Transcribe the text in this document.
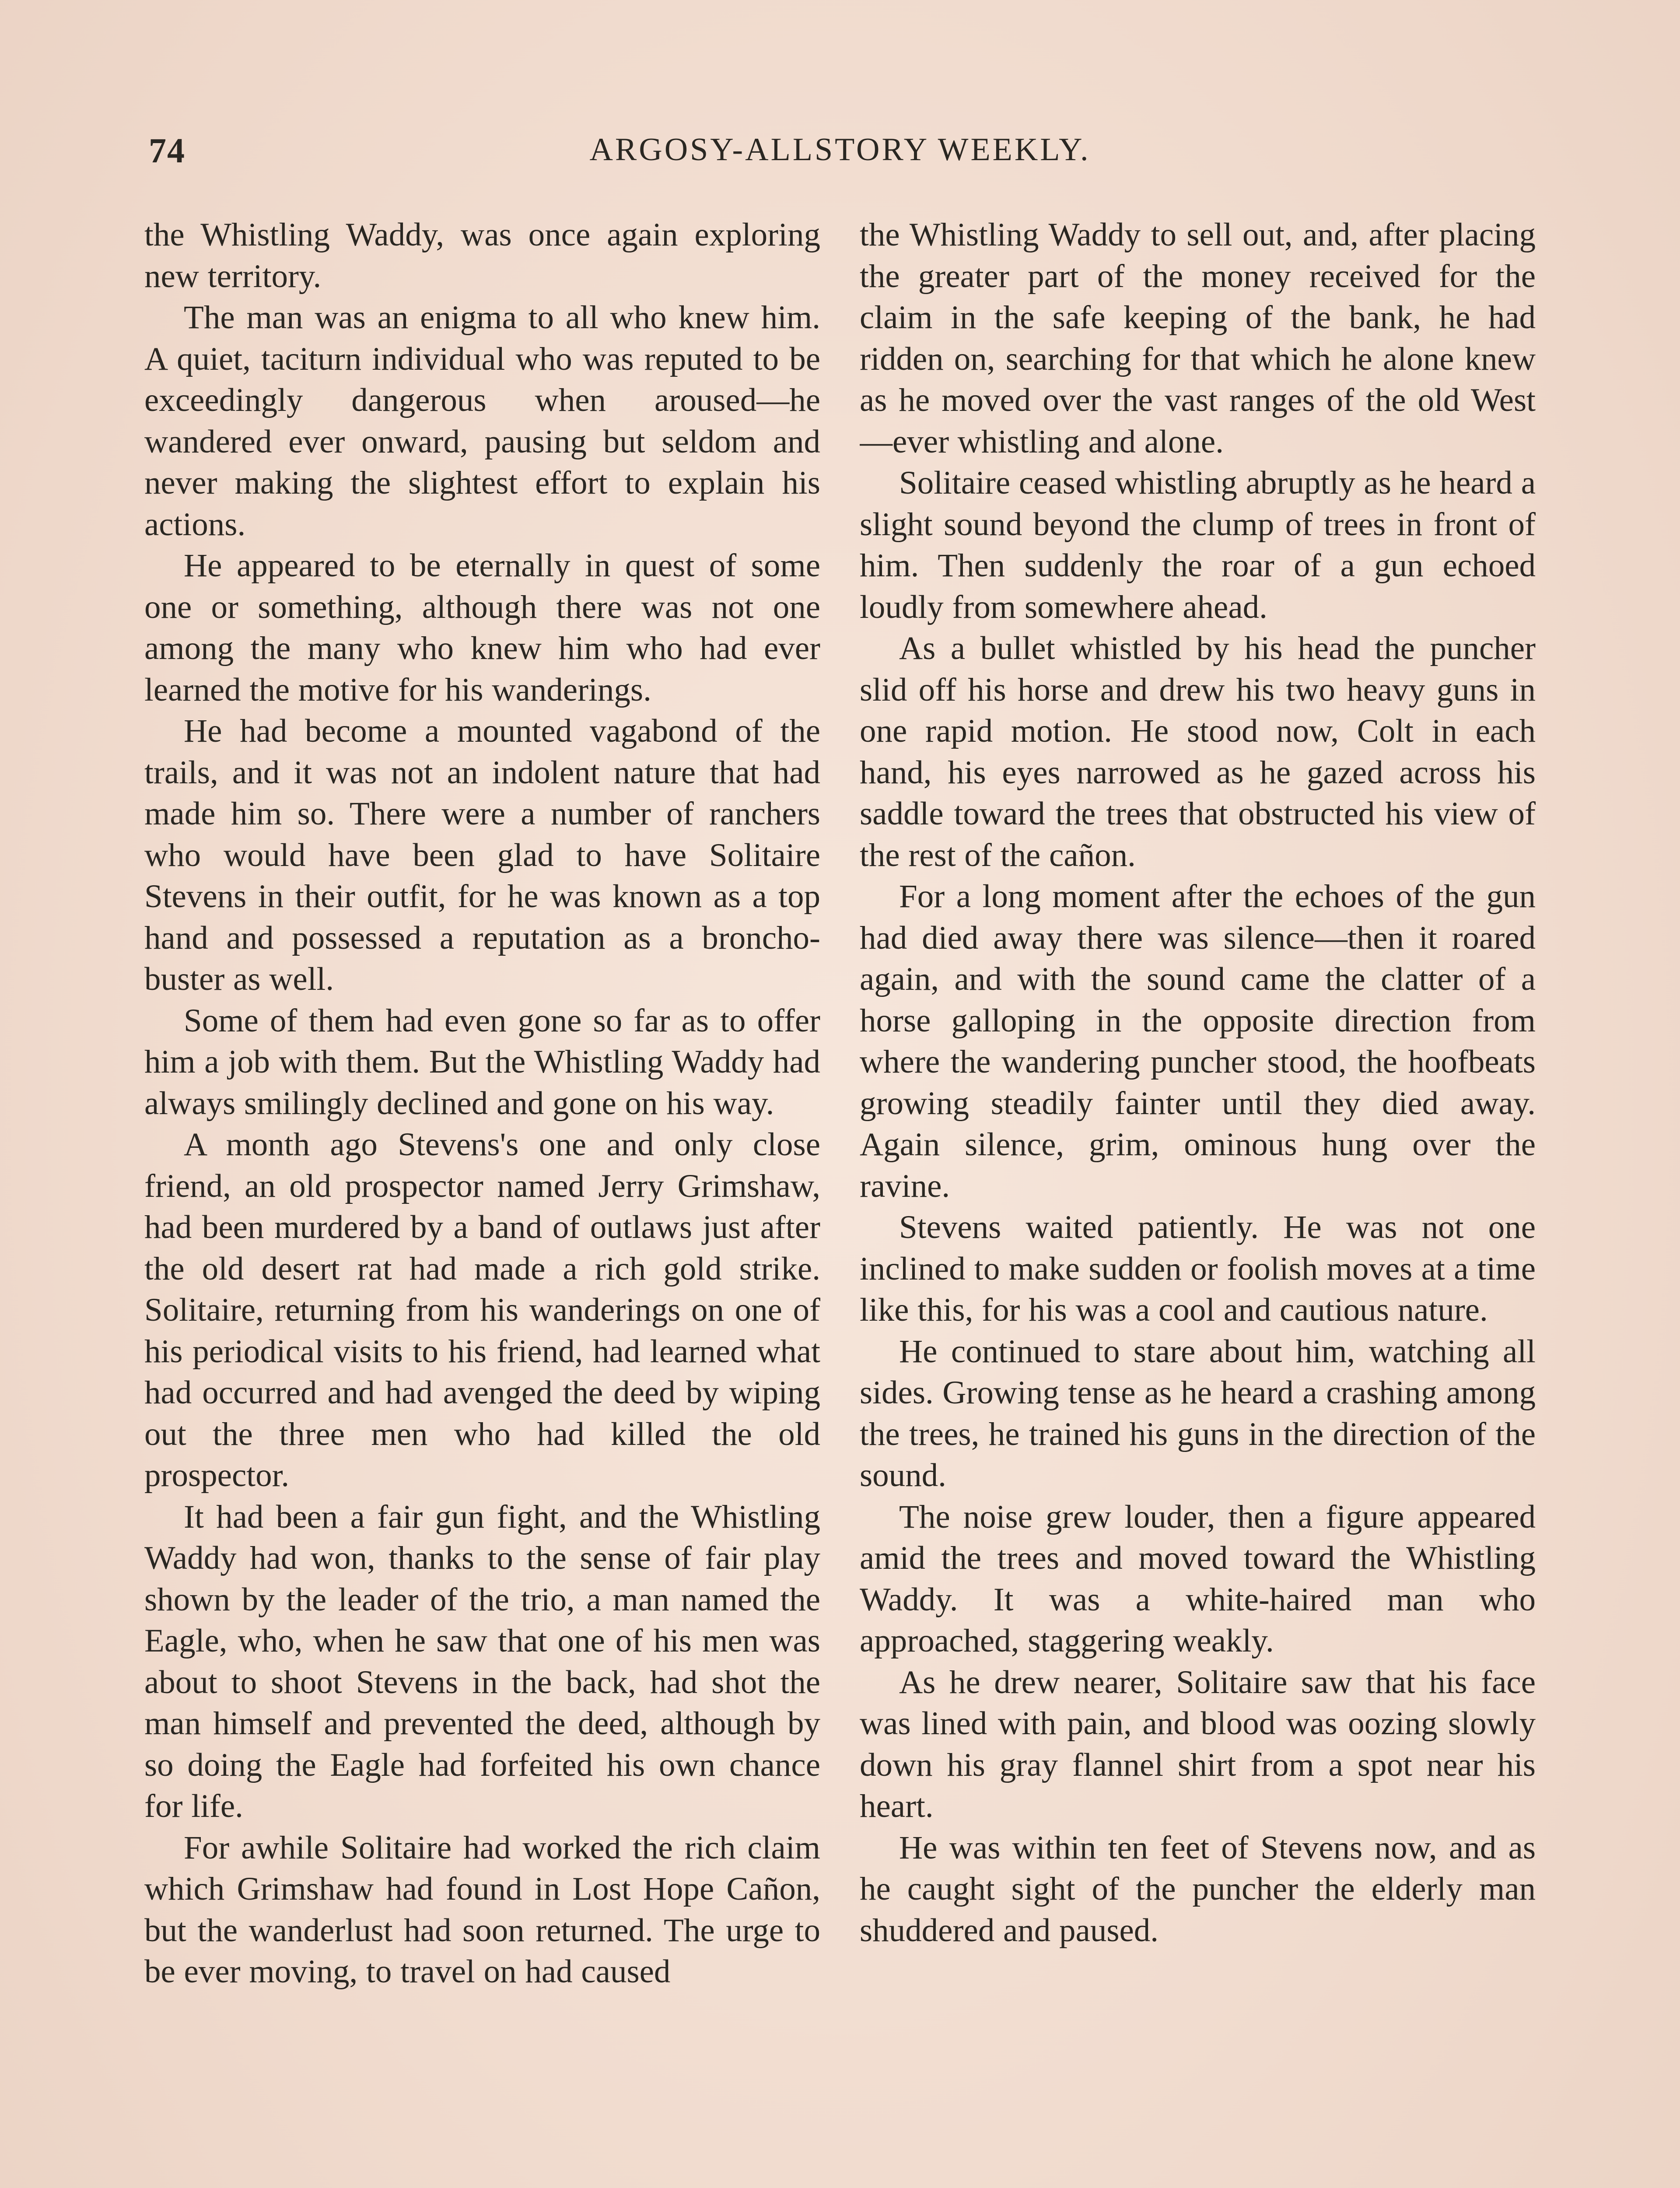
74	ARGOSY-ALLSTORY WEEKLY.

the Whistling Waddy, was once again exploring new territory.

The man was an enigma to all who knew him. A quiet, taciturn individual who was reputed to be exceedingly dangerous when aroused—he wandered ever onward, pausing but seldom and never making the slightest effort to explain his actions.

He appeared to be eternally in quest of some one or something, although there was not one among the many who knew him who had ever learned the motive for his wanderings.

He had become a mounted vagabond of the trails, and it was not an indolent nature that had made him so. There were a number of ranchers who would have been glad to have Solitaire Stevens in their outfit, for he was known as a top hand and possessed a reputation as a broncho-buster as well.

Some of them had even gone so far as to offer him a job with them. But the Whistling Waddy had always smilingly declined and gone on his way.

A month ago Stevens's one and only close friend, an old prospector named Jerry Grimshaw, had been murdered by a band of outlaws just after the old desert rat had made a rich gold strike. Solitaire, returning from his wanderings on one of his periodical visits to his friend, had learned what had occurred and had avenged the deed by wiping out the three men who had killed the old prospector.

It had been a fair gun fight, and the Whistling Waddy had won, thanks to the sense of fair play shown by the leader of the trio, a man named the Eagle, who, when he saw that one of his men was about to shoot Stevens in the back, had shot the man himself and prevented the deed, although by so doing the Eagle had forfeited his own chance for life.

For awhile Solitaire had worked the rich claim which Grimshaw had found in Lost Hope Cañon, but the wanderlust had soon returned. The urge to be ever moving, to travel on had caused

the Whistling Waddy to sell out, and, after placing the greater part of the money received for the claim in the safe keeping of the bank, he had ridden on, searching for that which he alone knew as he moved over the vast ranges of the old West—ever whistling and alone.

Solitaire ceased whistling abruptly as he heard a slight sound beyond the clump of trees in front of him. Then suddenly the roar of a gun echoed loudly from somewhere ahead.

As a bullet whistled by his head the puncher slid off his horse and drew his two heavy guns in one rapid motion. He stood now, Colt in each hand, his eyes narrowed as he gazed across his saddle toward the trees that obstructed his view of the rest of the cañon.

For a long moment after the echoes of the gun had died away there was silence—then it roared again, and with the sound came the clatter of a horse galloping in the opposite direction from where the wandering puncher stood, the hoofbeats growing steadily fainter until they died away. Again silence, grim, ominous hung over the ravine.

Stevens waited patiently. He was not one inclined to make sudden or foolish moves at a time like this, for his was a cool and cautious nature.

He continued to stare about him, watching all sides. Growing tense as he heard a crashing among the trees, he trained his guns in the direction of the sound.

The noise grew louder, then a figure appeared amid the trees and moved toward the Whistling Waddy. It was a white-haired man who approached, staggering weakly.

As he drew nearer, Solitaire saw that his face was lined with pain, and blood was oozing slowly down his gray flannel shirt from a spot near his heart.

He was within ten feet of Stevens now, and as he caught sight of the puncher the elderly man shuddered and paused.
